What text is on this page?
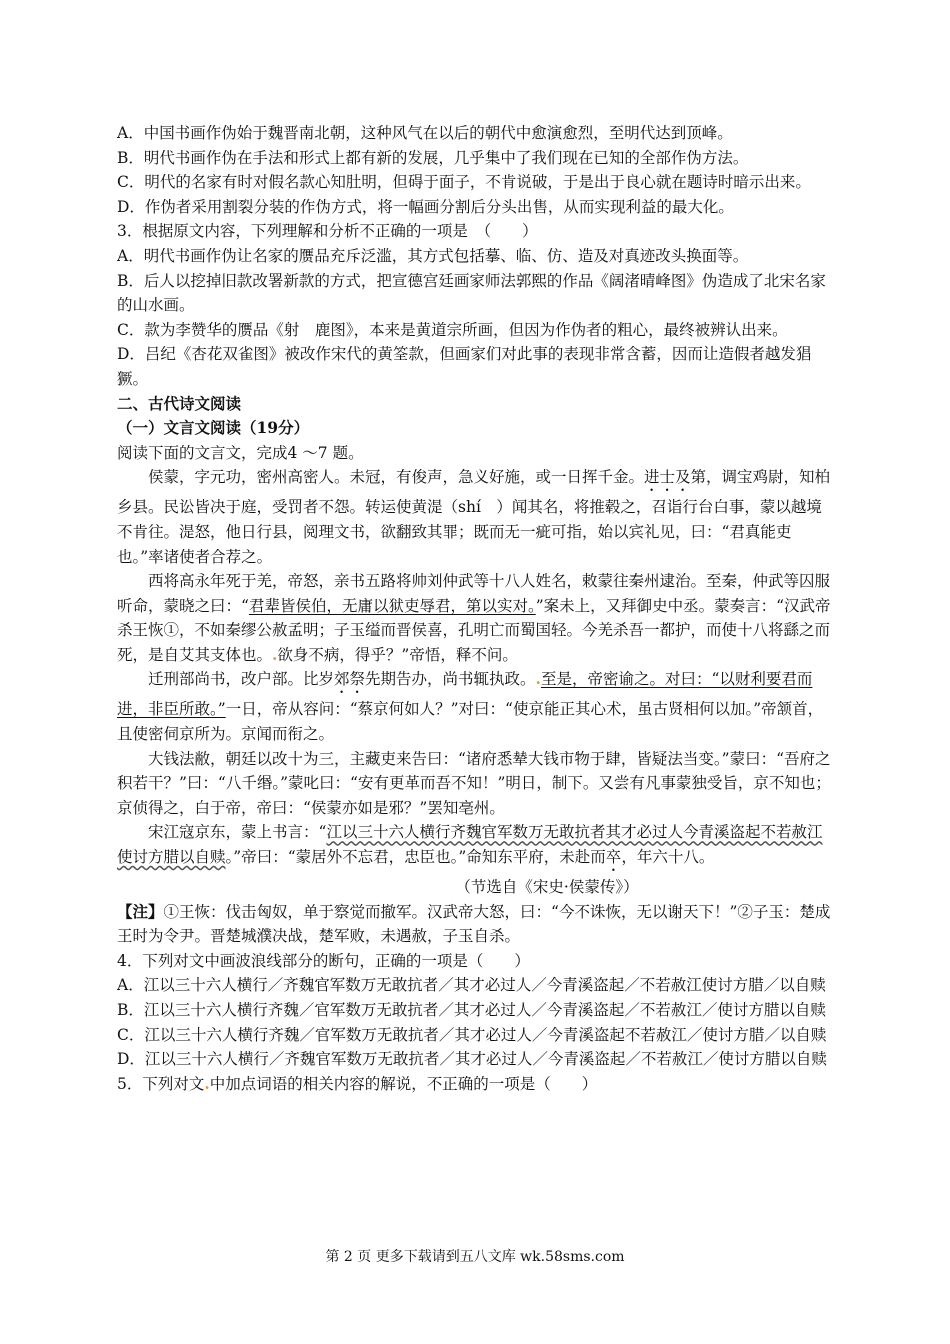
A．中国书画作伪始于魏晋南北朝，这种风气在以后的朝代中愈演愈烈，至明代达到顶峰。

B．明代书画作伪在手法和形式上都有新的发展，几乎集中了我们现在已知的全部作伪方法。

C．明代的名家有时对假名款心知肚明，但碍于面子，不肯说破，于是出于良心就在题诗时暗示出来。

D．作伪者采用割裂分装的作伪方式，将一幅画分割后分头出售，从而实现利益的最大化。

3．根据原文内容，下列理解和分析不正确的一项是　（　　）

A．明代书画作伪让名家的赝品充斥泛滥，其方式包括摹、临、仿、造及对真迹改头换面等。

B．后人以挖掉旧款改署新款的方式，把宣德宫廷画家师法郭熙的作品《阔渚晴峰图》伪造成了北宋名家的山水画。

C．款为李赞华的赝品《射　鹿图》，本来是黄道宗所画，但因为作伪者的粗心，最终被辨认出来。

D．吕纪《杏花双雀图》被改作宋代的黄筌款，但画家们对此事的表现非常含蓄，因而让造假者越发猖獗。

二、古代诗文阅读

（一）文言文阅读（19分）

阅读下面的文言文，完成4 ～7 题。

侯蒙，字元功，密州高密人。未冠，有俊声，急义好施，或一日挥千金。进士及第，调宝鸡尉，知柏乡县。民讼皆决于庭，受罚者不怨。转运使黄湜（shí　）闻其名，将推毂之，召诣行台白事，蒙以越境不肯往。湜怒，他日行县，阅理文书，欲翻致其罪；既而无一疵可指，始以宾礼见，曰：“君真能吏也。”率诸使者合荐之。

西将高永年死于羌，帝怒，亲书五路将帅刘仲武等十八人姓名，敕蒙往秦州逮治。至秦，仲武等囚服听命，蒙晓之曰：“君辈皆侯伯，无庸以狱吏辱君，第以实对。”案未上，又拜御史中丞。蒙奏言：“汉武帝杀王恢①，不如秦缪公赦孟明；子玉缢而晋侯喜，孔明亡而蜀国轻。今羌杀吾一都护，而使十八将繇之而死，是自艾其支体也。.欲身不病，得乎？”帝悟，释不问。

迁刑部尚书，改户部。比岁郊祭先期告办，尚书辄执政。.至是，帝密谕之。对曰：“以财利要君而进，非臣所敢。”一日，帝从容问：“蔡京何如人？”对曰：“使京能正其心术，虽古贤相何以加。”帝颔首，且使密伺京所为。京闻而衔之。

大钱法敝，朝廷以改十为三，主藏吏来告曰：“诸府悉辇大钱市物于肆，皆疑法当变。”蒙曰：“吾府之积若干？”曰：“八千缗。”蒙叱曰：“安有更革而吾不知！”明日，制下。又尝有凡事蒙独受旨，京不知也；京侦得之，白于帝，帝曰：“侯蒙亦如是邪？”罢知亳州。

宋江寇京东，蒙上书言：“江以三十六人横行齐魏官军数万无敢抗者其才必过人今青溪盗起不若赦江使讨方腊以自赎。”帝曰：“蒙居外不忘君，忠臣也。”命知东平府，未赴而卒，年六十八。

（节选自《宋史·侯蒙传》）

【注】①王恢：伐击匈奴，单于察觉而撤军。汉武帝大怒，曰：“今不诛恢，无以谢天下！”②子玉：楚成王时为令尹。晋楚城濮决战，楚军败，未遇赦，子玉自杀。

4．下列对文中画波浪线部分的断句，正确的一项是（　　）

A．江以三十六人横行／齐魏官军数万无敢抗者／其才必过人／今青溪盗起／不若赦江使讨方腊／以自赎

B．江以三十六人横行齐魏／官军数万无敢抗者／其才必过人／今青溪盗起／不若赦江／使讨方腊以自赎

C．江以三十六人横行齐魏／官军数万无敢抗者／其才必过人／今青溪盗起不若赦江／使讨方腊／以自赎

D．江以三十六人横行／齐魏官军数万无敢抗者／其才必过人／今青溪盗起／不若赦江／使讨方腊以自赎

5．下列对文.中加点词语的相关内容的解说，不正确的一项是（　　）

第 2 页 更多下载请到五八文库 wk.58sms.com
